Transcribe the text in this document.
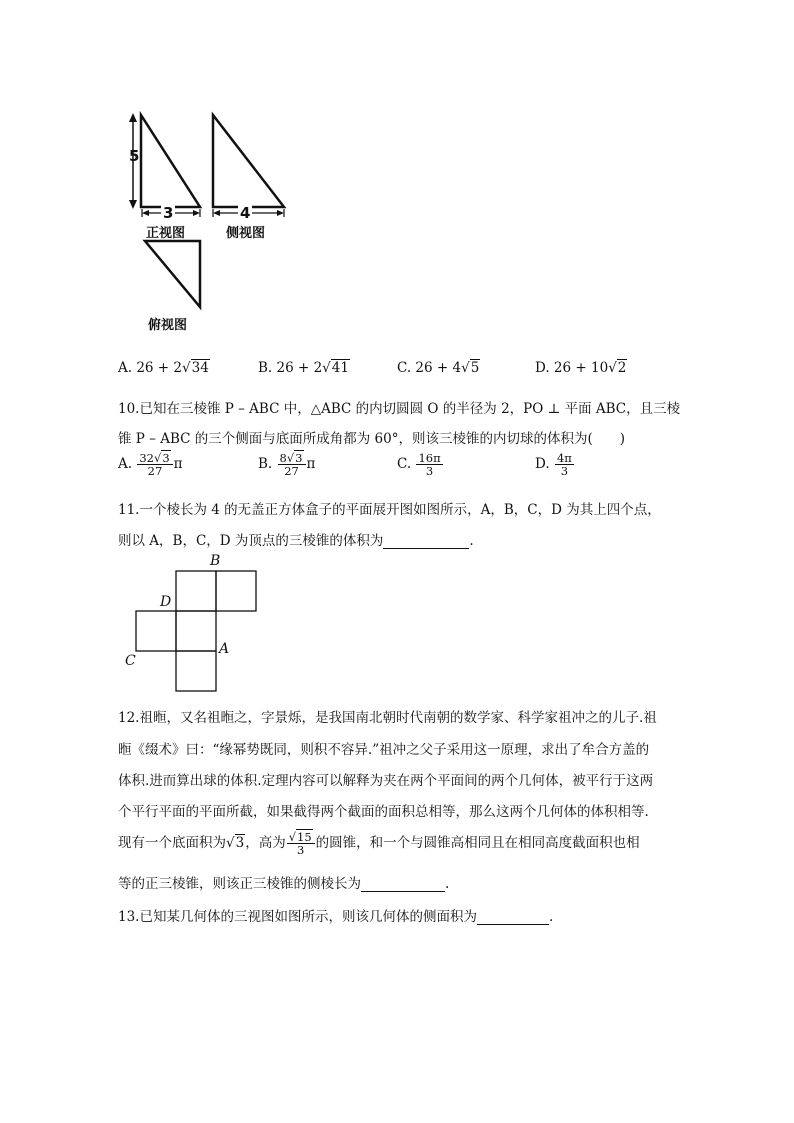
5
3	4
正视图	侧视图
俯视图
A. 26 + 2√34	B. 26 + 2√41	C. 26 + 4√5	D. 26 + 10√2
10.已知在三棱锥 P – ABC 中，△ABC 的内切圆圆 O 的半径为 2，PO ⊥ 平面 ABC，且三棱
锥 P – ABC 的三个侧面与底面所成角都为 60°，则该三棱锥的内切球的体积为(　　)
A. $\frac{32√3}{27}$ π	B. $\frac{8√3}{27}$ π	C. $\frac{16\pi}{3}$	D. $\frac{4\pi}{3}$
11.一个棱长为 4 的无盖正方体盒子的平面展开图如图所示，A，B，C，D 为其上四个点，
则以 A，B，C，D 为顶点的三棱锥的体积为	.
B
D
C
A
12.祖暅，又名祖暅之，字景烁，是我国南北朝时代南朝的数学家、科学家祖冲之的儿子.祖
暅《缀术》曰：“缘幂势既同，则积不容异.”祖冲之父子采用这一原理，求出了牟合方盖的
体积.进而算出球的体积.定理内容可以解释为夹在两个平面间的两个几何体，被平行于这两
个平行平面的平面所截，如果截得两个截面的面积总相等，那么这两个几何体的体积相等.
现有一个底面积为√3，高为 $\frac{√15}{3}$ 的圆锥，和一个与圆锥高相同且在相同高度截面积也相
等的正三棱锥，则该正三棱锥的侧棱长为	.
13.已知某几何体的三视图如图所示，则该几何体的侧面积为	.
